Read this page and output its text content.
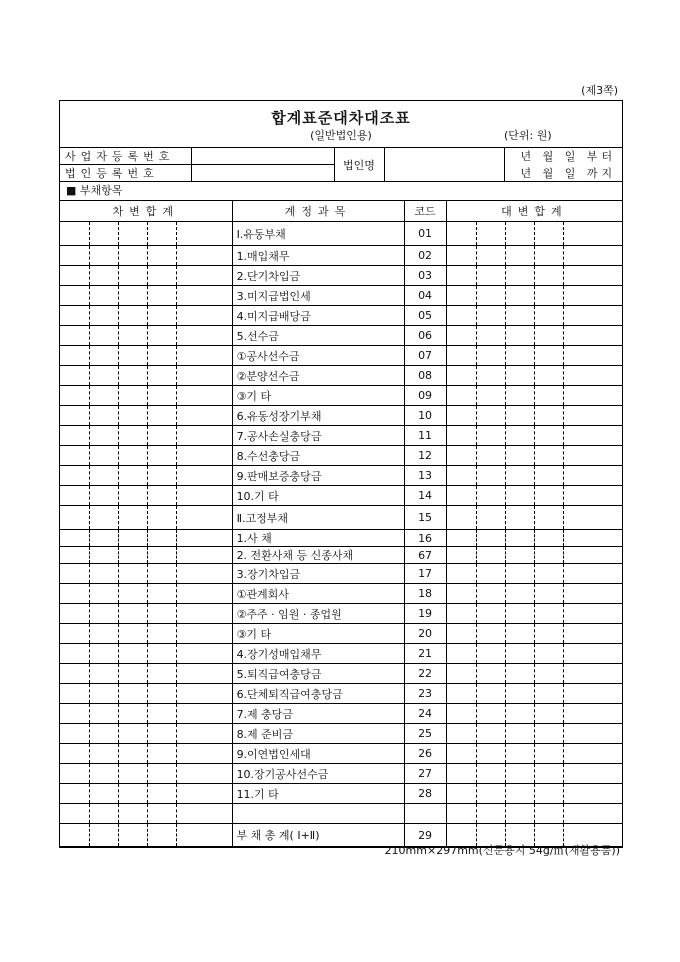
(제3쪽)
합계표준대차대조표
(일반법인용)	(단위: 원)
사업자등록번호		법인명		년 월 일 부터
법인등록번호				년 월 일 까지
■ 부채항목
차변합계					계정과목	코드	대변합계				
					Ⅰ.유동부채	01					
					1.매입채무	02					
					2.단기차입금	03					
					3.미지급법인세	04					
					4.미지급배당금	05					
					5.선수금	06					
					①공사선수금	07					
					②분양선수금	08					
					③기 타	09					
					6.유동성장기부채	10					
					7.공사손실충당금	11					
					8.수선충당금	12					
					9.판매보증충당금	13					
					10.기 타	14					
					Ⅱ.고정부채	15					
					1.사 채	16					
					2. 전환사채 등 신종사채	67					
					3.장기차입금	17					
					①관계회사	18					
					②주주 · 임원 · 종업원	19					
					③기 타	20					
					4.장기성매입채무	21					
					5.퇴직급여충당금	22					
					6.단체퇴직급여충당금	23					
					7.제 충당금	24					
					8.제 준비금	25					
					9.이연법인세대	26					
					10.장기공사선수금	27					
					11.기 타	28					

					부 채 총 계( Ⅰ+Ⅱ)	29					
210mm×297mm(신문용지 54g/㎡(재활용품))
